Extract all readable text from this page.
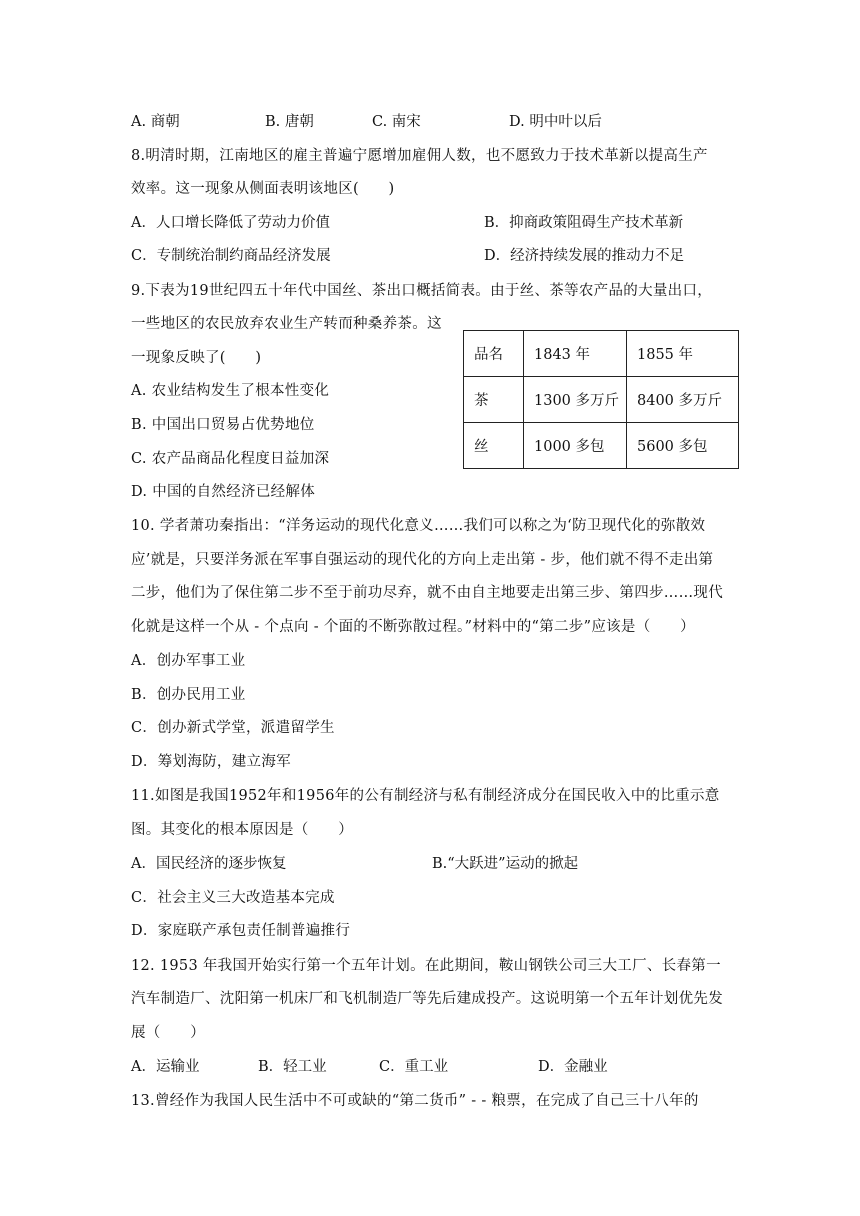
A. 商朝	B. 唐朝	C. 南宋	D. 明中叶以后
8.明清时期，江南地区的雇主普遍宁愿增加雇佣人数，也不愿致力于技术革新以提高生产
效率。这一现象从侧面表明该地区(　　)
A．人口增长降低了劳动力价值	B．抑商政策阻碍生产技术革新
C．专制统治制约商品经济发展	D．经济持续发展的推动力不足
9.下表为19世纪四五十年代中国丝、茶出口概括简表。由于丝、茶等农产品的大量出口，
一些地区的农民放弃农业生产转而种桑养茶。这
一现象反映了(　　)
A. 农业结构发生了根本性变化
B. 中国出口贸易占优势地位
C. 农产品商品化程度日益加深
D. 中国的自然经济已经解体
品名	1843 年	1855 年
茶	1300 多万斤	8400 多万斤
丝	1000 多包	5600 多包
10. 学者萧功秦指出：“洋务运动的现代化意义……我们可以称之为‘防卫现代化的弥散效
应’就是，只要洋务派在军事自强运动的现代化的方向上走出第 - 步，他们就不得不走出第
二步，他们为了保住第二步不至于前功尽弃，就不由自主地要走出第三步、第四步……现代
化就是这样一个从 - 个点向 - 个面的不断弥散过程。”材料中的“第二步”应该是（　　）
A．创办军事工业
B．创办民用工业
C．创办新式学堂，派遣留学生
D．筹划海防，建立海军
11.如图是我国1952年和1956年的公有制经济与私有制经济成分在国民收入中的比重示意
图。其变化的根本原因是（　　）
A．国民经济的逐步恢复	B.“大跃进”运动的掀起
C．社会主义三大改造基本完成
D．家庭联产承包责任制普遍推行
12. 1953 年我国开始实行第一个五年计划。在此期间，鞍山钢铁公司三大工厂、长春第一
汽车制造厂、沈阳第一机床厂和飞机制造厂等先后建成投产。这说明第一个五年计划优先发
展（　　）
A．运输业	B．轻工业	C．重工业	D．金融业
13.曾经作为我国人民生活中不可或缺的“第二货币” - - 粮票，在完成了自己三十八年的
